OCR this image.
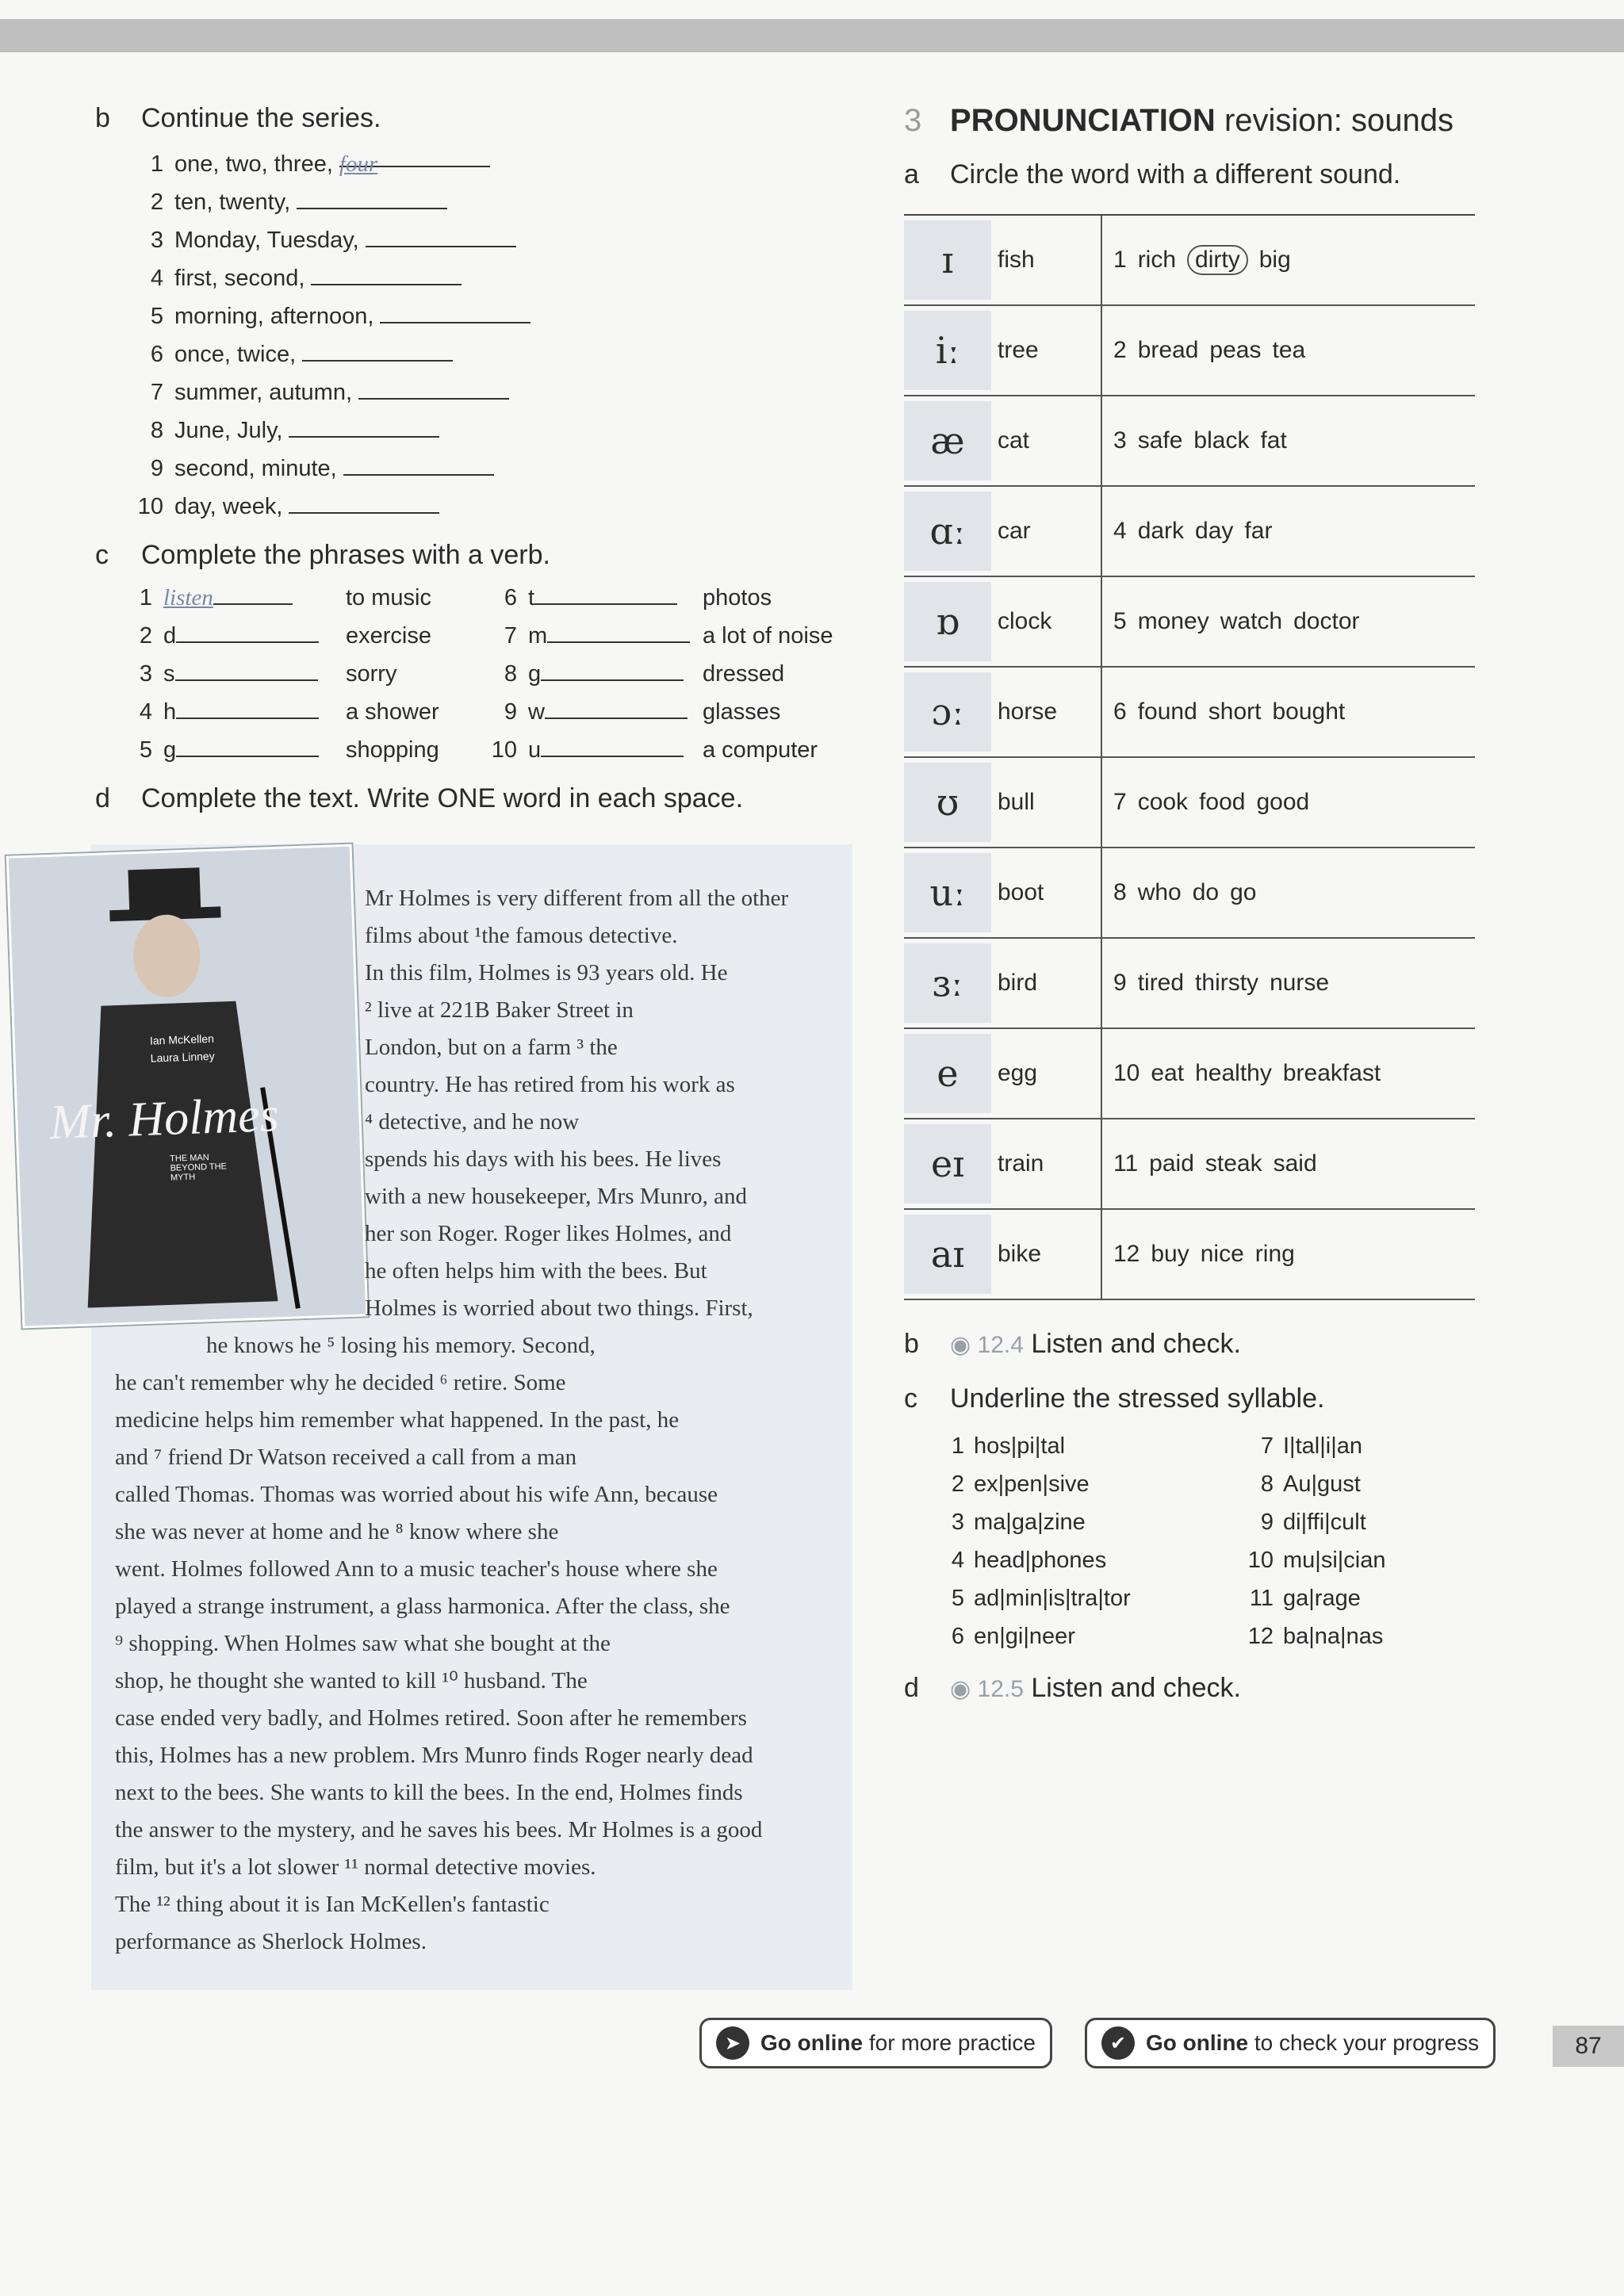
b	Continue the series.
1 one, two, three, four
2 ten, twenty,
3 Monday, Tuesday,
4 first, second,
5 morning, afternoon,
6 once, twice,
7 summer, autumn,
8 June, July,
9 second, minute,
10 day, week,
c	Complete the phrases with a verb.
1 listen	to music	6 t	photos
2 d	exercise	7 m	a lot of noise
3 s	sorry	8 g	dressed
4 h	a shower	9 w	glasses
5 g	shopping	10 u	a computer
d	Complete the text. Write ONE word in each space.
Ian McKellen
Laura Linney
Mr. Holmes
THE MAN BEYOND THE MYTH
Mr Holmes is very different from all the other
films about ¹the famous detective.
In this film, Holmes is 93 years old. He
² live at 221B Baker Street in
London, but on a farm ³ the
country. He has retired from his work as
⁴ detective, and he now
spends his days with his bees. He lives
with a new housekeeper, Mrs Munro, and
her son Roger. Roger likes Holmes, and
he often helps him with the bees. But
Holmes is worried about two things. First,
he knows he ⁵ losing his memory. Second,
he can't remember why he decided ⁶ retire. Some
medicine helps him remember what happened. In the past, he
and ⁷ friend Dr Watson received a call from a man
called Thomas. Thomas was worried about his wife Ann, because
she was never at home and he ⁸ know where she
went. Holmes followed Ann to a music teacher's house where she
played a strange instrument, a glass harmonica. After the class, she
⁹ shopping. When Holmes saw what she bought at the
shop, he thought she wanted to kill ¹⁰ husband. The
case ended very badly, and Holmes retired. Soon after he remembers
this, Holmes has a new problem. Mrs Munro finds Roger nearly dead
next to the bees. She wants to kill the bees. In the end, Holmes finds
the answer to the mystery, and he saves his bees. Mr Holmes is a good
film, but it's a lot slower ¹¹ normal detective movies.
The ¹² thing about it is Ian McKellen's fantastic
performance as Sherlock Holmes.
3 PRONUNCIATION
revision: sounds
a	Circle the word with a different sound.
ɪ	fish	1 rich dirty big
iː	tree	2 bread peas tea
æ	cat	3 safe black fat
ɑː	car	4 dark day far
ɒ	clock	5 money watch doctor
ɔː	horse	6 found short bought
ʊ	bull	7 cook food good
uː	boot	8 who do go
ɜː	bird	9 tired thirsty nurse
e	egg	10 eat healthy breakfast
eɪ	train	11 paid steak said
aɪ	bike	12 buy nice ring
b	◉ 12.4
Listen and check.
c	Underline the stressed syllable.
1 hos|pi|tal	7 I|tal|i|an
2 ex|pen|sive	8 Au|gust
3 ma|ga|zine	9 di|ffi|cult
4 head|phones	10 mu|si|cian
5 ad|min|is|tra|tor	11 ga|rage
6 en|gi|neer	12 ba|na|nas
d	◉ 12.5
Listen and check.
➤ Go online
for more practice	✔ Go online
to check your progress	87
